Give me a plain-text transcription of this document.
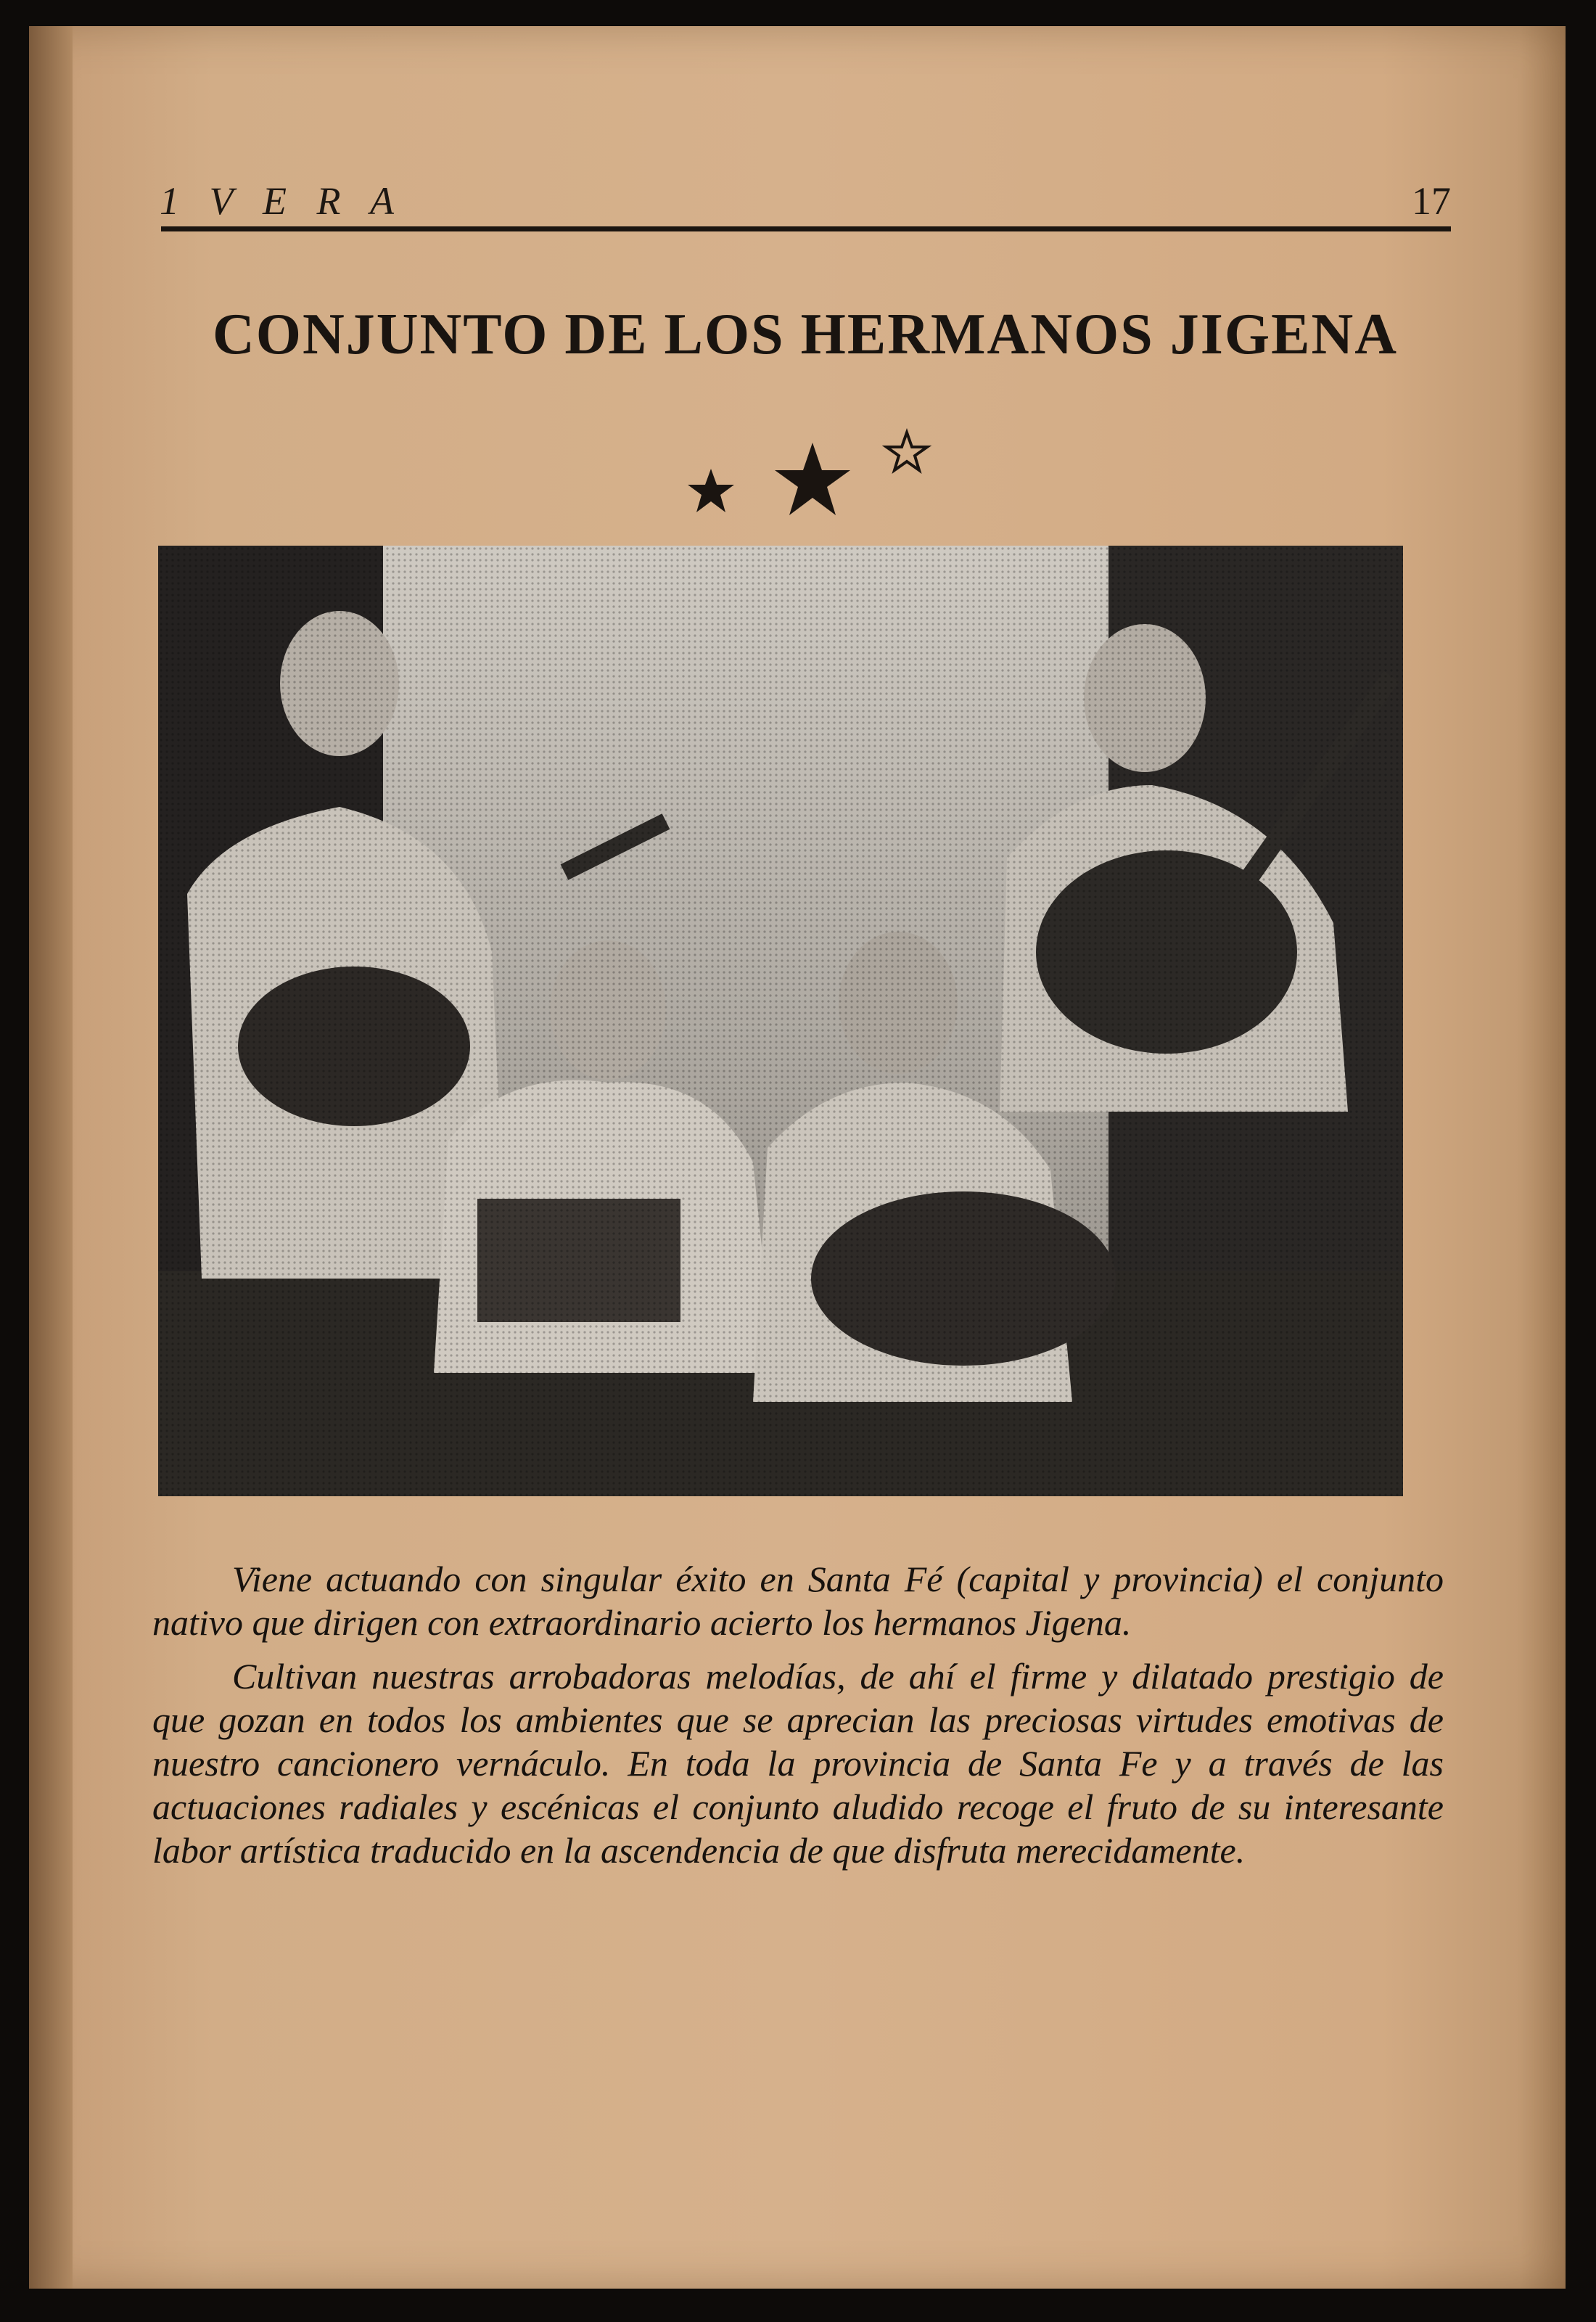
1 V E R A	17
CONJUNTO DE LOS HERMANOS JIGENA

Viene actuando con singular éxito en Santa Fé (capital y provincia) el conjunto nativo que dirigen con extraordinario acierto los hermanos Jigena.

Cultivan nuestras arrobadoras melodías, de ahí el firme y dilatado prestigio de que gozan en todos los ambientes que se aprecian las preciosas virtudes emotivas de nuestro cancionero vernáculo. En toda la provincia de Santa Fe y a través de las actuaciones radiales y escénicas el conjunto aludido recoge el fruto de su interesante labor artística traducido en la ascendencia de que disfruta merecidamente.
